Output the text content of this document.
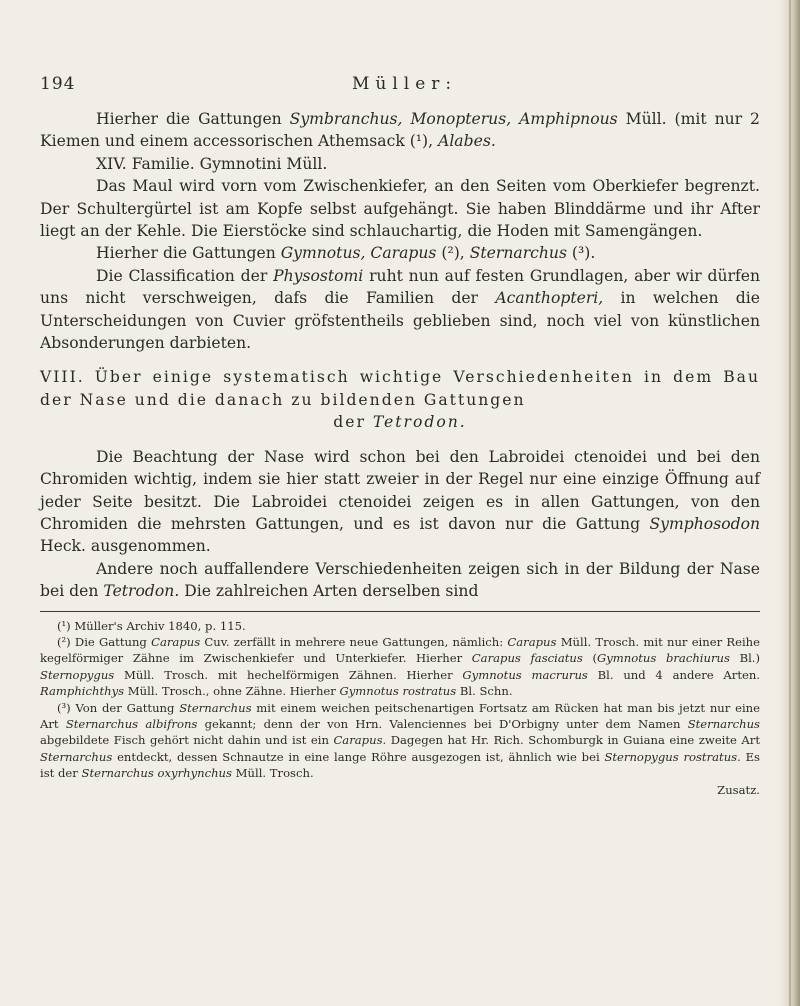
194	Müller:

Hierher die Gattungen Symbranchus, Monopterus, Amphipnous Müll. (mit nur 2 Kiemen und einem accessorischen Athemsack (¹), Alabes.

XIV. Familie. Gymnotini Müll.

Das Maul wird vorn vom Zwischenkiefer, an den Seiten vom Oberkiefer begrenzt. Der Schultergürtel ist am Kopfe selbst aufgehängt. Sie haben Blinddärme und ihr After liegt an der Kehle. Die Eierstöcke sind schlauchartig, die Hoden mit Samengängen.

Hierher die Gattungen Gymnotus, Carapus (²), Sternarchus (³).

Die Classification der Physostomi ruht nun auf festen Grundlagen, aber wir dürfen uns nicht verschweigen, dafs die Familien der Acanthopteri, in welchen die Unterscheidungen von Cuvier gröfstentheils geblieben sind, noch viel von künstlichen Absonderungen darbieten.

VIII. Über einige systematisch wichtige Verschiedenheiten in dem Bau der Nase und die danach zu bildenden Gattungen

der Tetrodon.

Die Beachtung der Nase wird schon bei den Labroidei ctenoidei und bei den Chromiden wichtig, indem sie hier statt zweier in der Regel nur eine einzige Öffnung auf jeder Seite besitzt. Die Labroidei ctenoidei zeigen es in allen Gattungen, von den Chromiden die mehrsten Gattungen, und es ist davon nur die Gattung Symphosodon Heck. ausgenommen.

Andere noch auffallendere Verschiedenheiten zeigen sich in der Bildung der Nase bei den Tetrodon. Die zahlreichen Arten derselben sind

(¹) Müller's Archiv 1840, p. 115.

(²) Die Gattung Carapus Cuv. zerfällt in mehrere neue Gattungen, nämlich: Carapus Müll. Trosch. mit nur einer Reihe kegelförmiger Zähne im Zwischenkiefer und Unterkiefer. Hierher Carapus fasciatus (Gymnotus brachiurus Bl.) Sternopygus Müll. Trosch. mit hechelförmigen Zähnen. Hierher Gymnotus macrurus Bl. und 4 andere Arten. Ramphichthys Müll. Trosch., ohne Zähne. Hierher Gymnotus rostratus Bl. Schn.

(³) Von der Gattung Sternarchus mit einem weichen peitschenartigen Fortsatz am Rücken hat man bis jetzt nur eine Art Sternarchus albifrons gekannt; denn der von Hrn. Valenciennes bei D'Orbigny unter dem Namen Sternarchus abgebildete Fisch gehört nicht dahin und ist ein Carapus. Dagegen hat Hr. Rich. Schomburgk in Guiana eine zweite Art Sternarchus entdeckt, dessen Schnautze in eine lange Röhre ausgezogen ist, ähnlich wie bei Sternopygus rostratus. Es ist der Sternarchus oxyrhynchus Müll. Trosch.

Zusatz.
